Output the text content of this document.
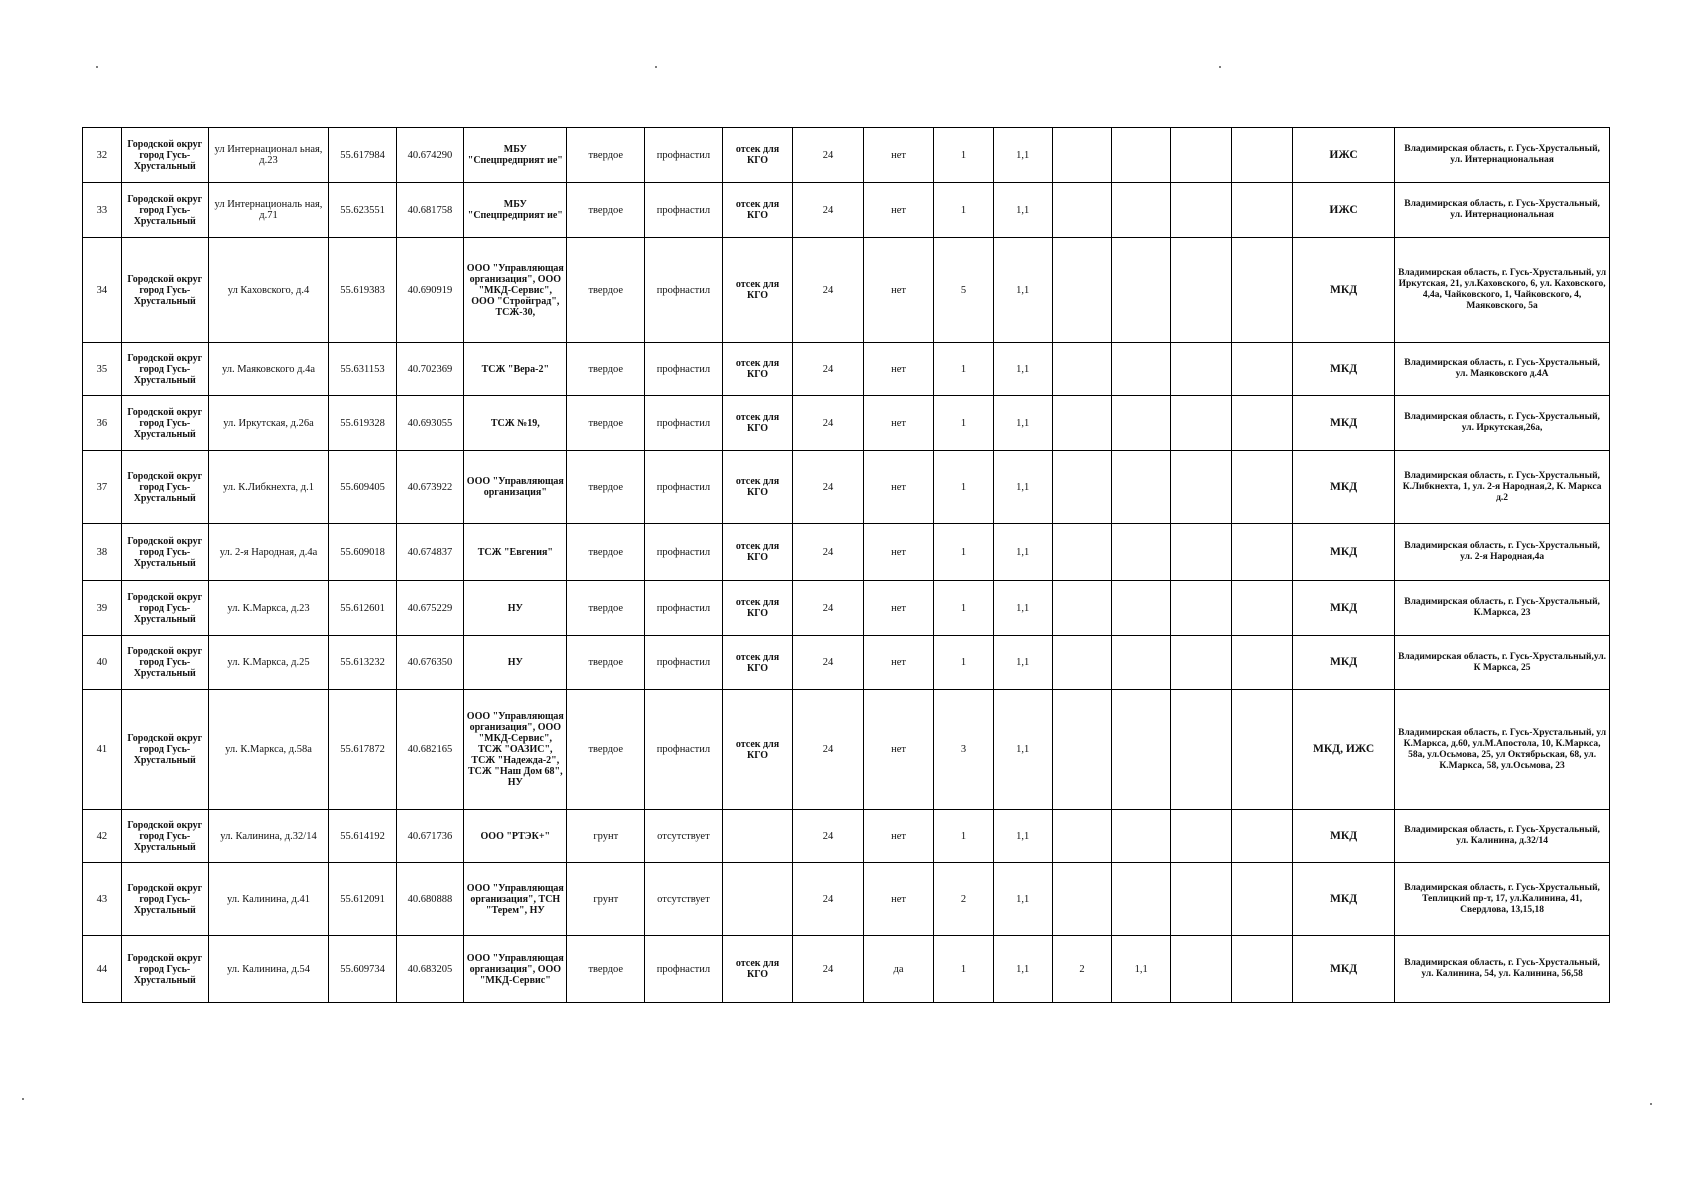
32	Городской округ город Гусь-Хрустальный	ул Интернационал ьная, д.23	55.617984	40.674290	МБУ "Спецпредприят ие"	твердое	профнастил	отсек для КГО	24	нет	1	1,1					ИЖС	Владимирская область, г. Гусь-Хрустальный, ул. Интернациональная
33	Городской округ город Гусь-Хрустальный	ул Интернациональ ная, д.71	55.623551	40.681758	МБУ "Спецпредприят ие"	твердое	профнастил	отсек для КГО	24	нет	1	1,1					ИЖС	Владимирская область, г. Гусь-Хрустальный, ул. Интернациональная
34	Городской округ город Гусь-Хрустальный	ул Каховского, д.4	55.619383	40.690919	ООО "Управляющая организация", ООО "МКД-Сервис", ООО "Стройград", ТСЖ-30,	твердое	профнастил	отсек для КГО	24	нет	5	1,1					МКД	Владимирская область, г. Гусь-Хрустальный, ул Иркутская, 21, ул.Каховского, 6, ул. Каховского, 4,4а, Чайковского, 1, Чайковского, 4, Маяковского, 5а
35	Городской округ город Гусь-Хрустальный	ул. Маяковского д.4а	55.631153	40.702369	ТСЖ "Вера-2"	твердое	профнастил	отсек для КГО	24	нет	1	1,1					МКД	Владимирская область, г. Гусь-Хрустальный, ул. Маяковского д.4А
36	Городской округ город Гусь-Хрустальный	ул. Иркутская, д.26а	55.619328	40.693055	ТСЖ №19,	твердое	профнастил	отсек для КГО	24	нет	1	1,1					МКД	Владимирская область, г. Гусь-Хрустальный, ул. Иркутская,26а,
37	Городской округ город Гусь-Хрустальный	ул. К.Либкнехта, д.1	55.609405	40.673922	ООО "Управляющая организация"	твердое	профнастил	отсек для КГО	24	нет	1	1,1					МКД	Владимирская область, г. Гусь-Хрустальный, К.Либкнехта, 1, ул. 2-я Народная,2, К. Маркса д.2
38	Городской округ город Гусь-Хрустальный	ул. 2-я Народная, д.4а	55.609018	40.674837	ТСЖ "Евгения"	твердое	профнастил	отсек для КГО	24	нет	1	1,1					МКД	Владимирская область, г. Гусь-Хрустальный, ул. 2-я Народная,4а
39	Городской округ город Гусь-Хрустальный	ул. К.Маркса, д.23	55.612601	40.675229	НУ	твердое	профнастил	отсек для КГО	24	нет	1	1,1					МКД	Владимирская область, г. Гусь-Хрустальный, К.Маркса, 23
40	Городской округ город Гусь-Хрустальный	ул. К.Маркса, д.25	55.613232	40.676350	НУ	твердое	профнастил	отсек для КГО	24	нет	1	1,1					МКД	Владимирская область, г. Гусь-Хрустальный,ул. К Маркса, 25
41	Городской округ город Гусь-Хрустальный	ул. К.Маркса, д.58а	55.617872	40.682165	ООО "Управляющая организация", ООО "МКД-Сервис", ТСЖ "ОАЗИС", ТСЖ "Надежда-2", ТСЖ "Наш Дом 68", НУ	твердое	профнастил	отсек для КГО	24	нет	3	1,1					МКД, ИЖС	Владимирская область, г. Гусь-Хрустальный, ул К.Маркса, д.60, ул.М.Апостола, 10, К.Маркса, 58а, ул.Осьмова, 25, ул Октябрьская, 68, ул. К.Маркса, 58, ул.Осьмова, 23
42	Городской округ город Гусь-Хрустальный	ул. Калинина, д.32/14	55.614192	40.671736	ООО "РТЭК+"	грунт	отсутствует		24	нет	1	1,1					МКД	Владимирская область, г. Гусь-Хрустальный, ул. Калинина, д.32/14
43	Городской округ город Гусь-Хрустальный	ул. Калинина, д.41	55.612091	40.680888	ООО "Управляющая организация", ТСН "Терем", НУ	грунт	отсутствует		24	нет	2	1,1					МКД	Владимирская область, г. Гусь-Хрустальный, Теплицкий пр-т, 17, ул.Калинина, 41, Свердлова, 13,15,18
44	Городской округ город Гусь-Хрустальный	ул. Калинина, д.54	55.609734	40.683205	ООО "Управляющая организация", ООО "МКД-Сервис"	твердое	профнастил	отсек для КГО	24	да	1	1,1	2	1,1			МКД	Владимирская область, г. Гусь-Хрустальный, ул. Калинина, 54, ул. Калинина, 56,58
